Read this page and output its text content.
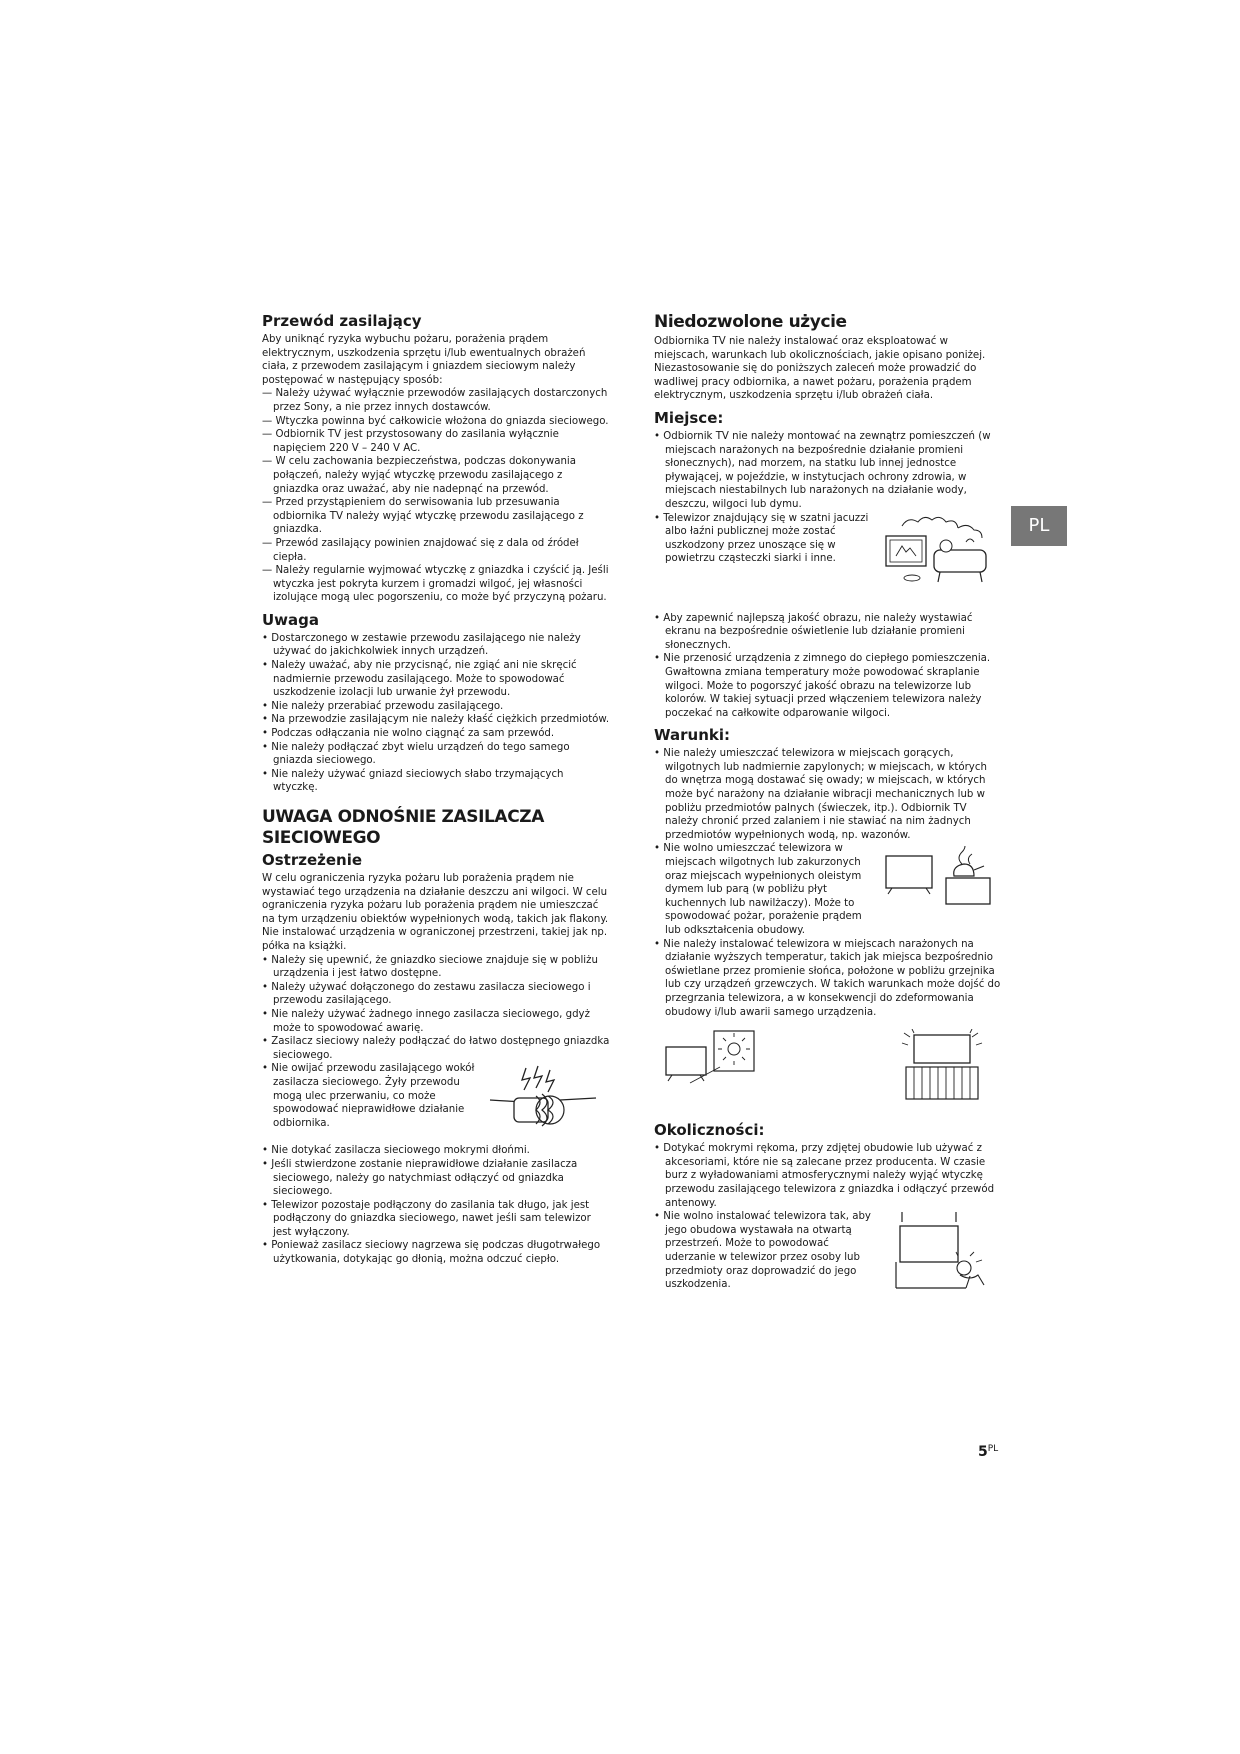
Przewód zasilający

Aby uniknąć ryzyka wybuchu pożaru, porażenia prądem elektrycznym, uszkodzenia sprzętu i/lub ewentualnych obrażeń ciała, z przewodem zasilającym i gniazdem sieciowym należy postępować w następujący sposób:

— Należy używać wyłącznie przewodów zasilających dostarczonych przez Sony, a nie przez innych dostawców.
— Wtyczka powinna być całkowicie włożona do gniazda sieciowego.
— Odbiornik TV jest przystosowany do zasilania wyłącznie napięciem 220 V – 240 V AC.
— W celu zachowania bezpieczeństwa, podczas dokonywania połączeń, należy wyjąć wtyczkę przewodu zasilającego z gniazdka oraz uważać, aby nie nadepnąć na przewód.
— Przed przystąpieniem do serwisowania lub przesuwania odbiornika TV należy wyjąć wtyczkę przewodu zasilającego z gniazdka.
— Przewód zasilający powinien znajdować się z dala od źródeł ciepła.
— Należy regularnie wyjmować wtyczkę z gniazdka i czyścić ją. Jeśli wtyczka jest pokryta kurzem i gromadzi wilgoć, jej własności izolujące mogą ulec pogorszeniu, co może być przyczyną pożaru.
Uwaga
• Dostarczonego w zestawie przewodu zasilającego nie należy używać do jakichkolwiek innych urządzeń.
• Należy uważać, aby nie przycisnąć, nie zgiąć ani nie skręcić nadmiernie przewodu zasilającego. Może to spowodować uszkodzenie izolacji lub urwanie żył przewodu.
• Nie należy przerabiać przewodu zasilającego.
• Na przewodzie zasilającym nie należy kłaść ciężkich przedmiotów.
• Podczas odłączania nie wolno ciągnąć za sam przewód.
• Nie należy podłączać zbyt wielu urządzeń do tego samego gniazda sieciowego.
• Nie należy używać gniazd sieciowych słabo trzymających wtyczkę.
UWAGA ODNOŚNIE ZASILACZA SIECIOWEGO
Ostrzeżenie

W celu ograniczenia ryzyka pożaru lub porażenia prądem nie wystawiać tego urządzenia na działanie deszczu ani wilgoci. W celu ograniczenia ryzyka pożaru lub porażenia prądem nie umieszczać na tym urządzeniu obiektów wypełnionych wodą, takich jak flakony. Nie instalować urządzenia w ograniczonej przestrzeni, takiej jak np. półka na książki.

• Należy się upewnić, że gniazdko sieciowe znajduje się w pobliżu urządzenia i jest łatwo dostępne.
• Należy używać dołączonego do zestawu zasilacza sieciowego i przewodu zasilającego.
• Nie należy używać żadnego innego zasilacza sieciowego, gdyż może to spowodować awarię.
• Zasilacz sieciowy należy podłączać do łatwo dostępnego gniazdka sieciowego.
• Nie owijać przewodu zasilającego wokół zasilacza sieciowego. Żyły przewodu mogą ulec przerwaniu, co może spowodować nieprawidłowe działanie odbiornika.
• Nie dotykać zasilacza sieciowego mokrymi dłońmi.
• Jeśli stwierdzone zostanie nieprawidłowe działanie zasilacza sieciowego, należy go natychmiast odłączyć od gniazdka sieciowego.
• Telewizor pozostaje podłączony do zasilania tak długo, jak jest podłączony do gniazdka sieciowego, nawet jeśli sam telewizor jest wyłączony.
• Ponieważ zasilacz sieciowy nagrzewa się podczas długotrwałego użytkowania, dotykając go dłonią, można odczuć ciepło.
Niedozwolone użycie

Odbiornika TV nie należy instalować oraz eksploatować w miejscach, warunkach lub okolicznościach, jakie opisano poniżej. Niezastosowanie się do poniższych zaleceń może prowadzić do wadliwej pracy odbiornika, a nawet pożaru, porażenia prądem elektrycznym, uszkodzenia sprzętu i/lub obrażeń ciała.

Miejsce:
• Odbiornik TV nie należy montować na zewnątrz pomieszczeń (w miejscach narażonych na bezpośrednie działanie promieni słonecznych), nad morzem, na statku lub innej jednostce pływającej, w pojeździe, w instytucjach ochrony zdrowia, w miejscach niestabilnych lub narażonych na działanie wody, deszczu, wilgoci lub dymu.
• Telewizor znajdujący się w szatni jacuzzi albo łaźni publicznej może zostać uszkodzony przez unoszące się w powietrzu cząsteczki siarki i inne.
• Aby zapewnić najlepszą jakość obrazu, nie należy wystawiać ekranu na bezpośrednie oświetlenie lub działanie promieni słonecznych.
• Nie przenosić urządzenia z zimnego do ciepłego pomieszczenia. Gwałtowna zmiana temperatury może powodować skraplanie wilgoci. Może to pogorszyć jakość obrazu na telewizorze lub kolorów. W takiej sytuacji przed włączeniem telewizora należy poczekać na całkowite odparowanie wilgoci.
Warunki:
• Nie należy umieszczać telewizora w miejscach gorących, wilgotnych lub nadmiernie zapylonych; w miejscach, w których do wnętrza mogą dostawać się owady; w miejscach, w których może być narażony na działanie wibracji mechanicznych lub w pobliżu przedmiotów palnych (świeczek, itp.). Odbiornik TV należy chronić przed zalaniem i nie stawiać na nim żadnych przedmiotów wypełnionych wodą, np. wazonów.
• Nie wolno umieszczać telewizora w miejscach wilgotnych lub zakurzonych oraz miejscach wypełnionych oleistym dymem lub parą (w pobliżu płyt kuchennych lub nawilżaczy). Może to spowodować pożar, porażenie prądem lub odkształcenia obudowy.
• Nie należy instalować telewizora w miejscach narażonych na działanie wyższych temperatur, takich jak miejsca bezpośrednio oświetlane przez promienie słońca, położone w pobliżu grzejnika lub czy urządzeń grzewczych. W takich warunkach może dojść do przegrzania telewizora, a w konsekwencji do zdeformowania obudowy i/lub awarii samego urządzenia.
Okoliczności:
• Dotykać mokrymi rękoma, przy zdjętej obudowie lub używać z akcesoriami, które nie są zalecane przez producenta. W czasie burz z wyładowaniami atmosferycznymi należy wyjąć wtyczkę przewodu zasilającego telewizora z gniazdka i odłączyć przewód antenowy.
• Nie wolno instalować telewizora tak, aby jego obudowa wystawała na otwartą przestrzeń. Może to powodować uderzanie w telewizor przez osoby lub przedmioty oraz doprowadzić do jego uszkodzenia.
PL
$5^{PL}$
